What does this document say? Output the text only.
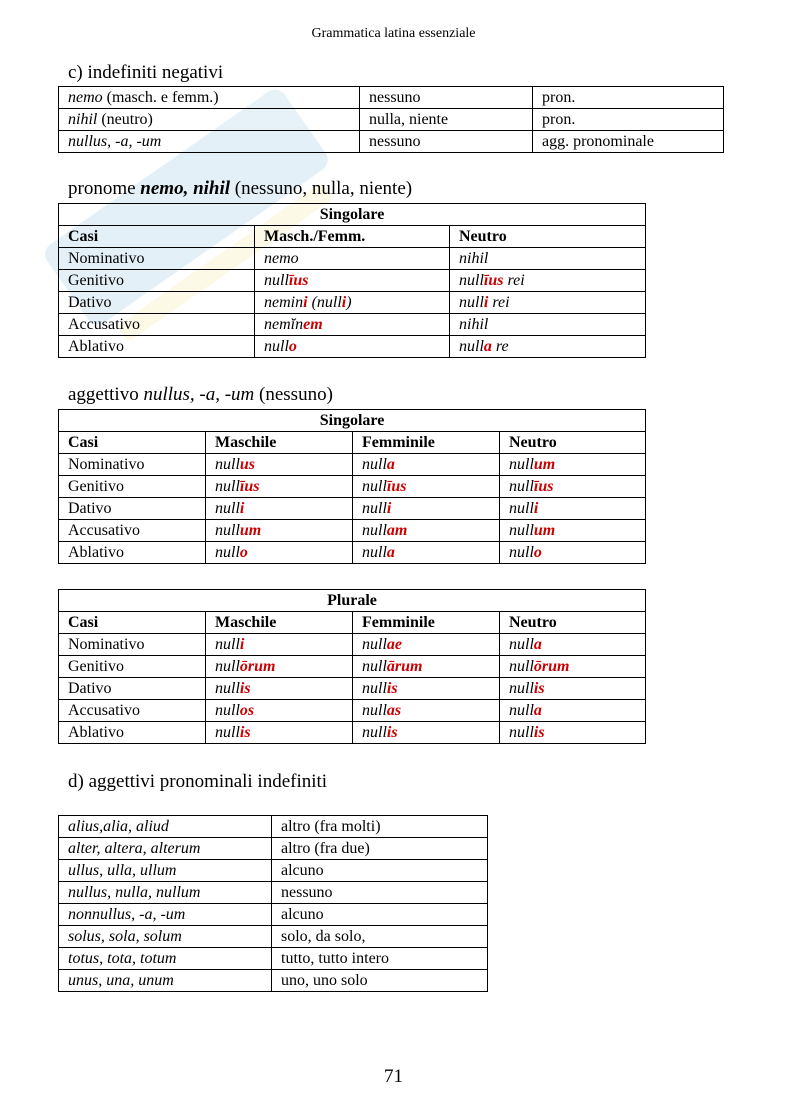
Grammatica latina essenziale
c) indefiniti negativi
nemo (masch. e femm.)	nessuno	pron.
nihil (neutro)	nulla, niente	pron.
nullus, -a, -um	nessuno	agg. pronominale
pronome nemo, nihil (nessuno, nulla, niente)
Singolare		
Casi	Masch./Femm.	Neutro
Nominativo	nemo	nihil
Genitivo	nullīus	nullīus rei
Dativo	nemini (nulli)	nulli rei
Accusativo	nemĭnem	nihil
Ablativo	nullo	nulla re
aggettivo nullus, -a, -um (nessuno)
Singolare			
Casi	Maschile	Femminile	Neutro
Nominativo	nullus	nulla	nullum
Genitivo	nullīus	nullīus	nullīus
Dativo	nulli	nulli	nulli
Accusativo	nullum	nullam	nullum
Ablativo	nullo	nulla	nullo
Plurale			
Casi	Maschile	Femminile	Neutro
Nominativo	nulli	nullae	nulla
Genitivo	nullōrum	nullārum	nullōrum
Dativo	nullis	nullis	nullis
Accusativo	nullos	nullas	nulla
Ablativo	nullis	nullis	nullis
d) aggettivi pronominali indefiniti
alius,alia, aliud	altro (fra molti)
alter, altera, alterum	altro (fra due)
ullus, ulla, ullum	alcuno
nullus, nulla, nullum	nessuno
nonnullus, -a, -um	alcuno
solus, sola, solum	solo, da solo,
totus, tota, totum	tutto, tutto intero
unus, una, unum	uno, uno solo
71
